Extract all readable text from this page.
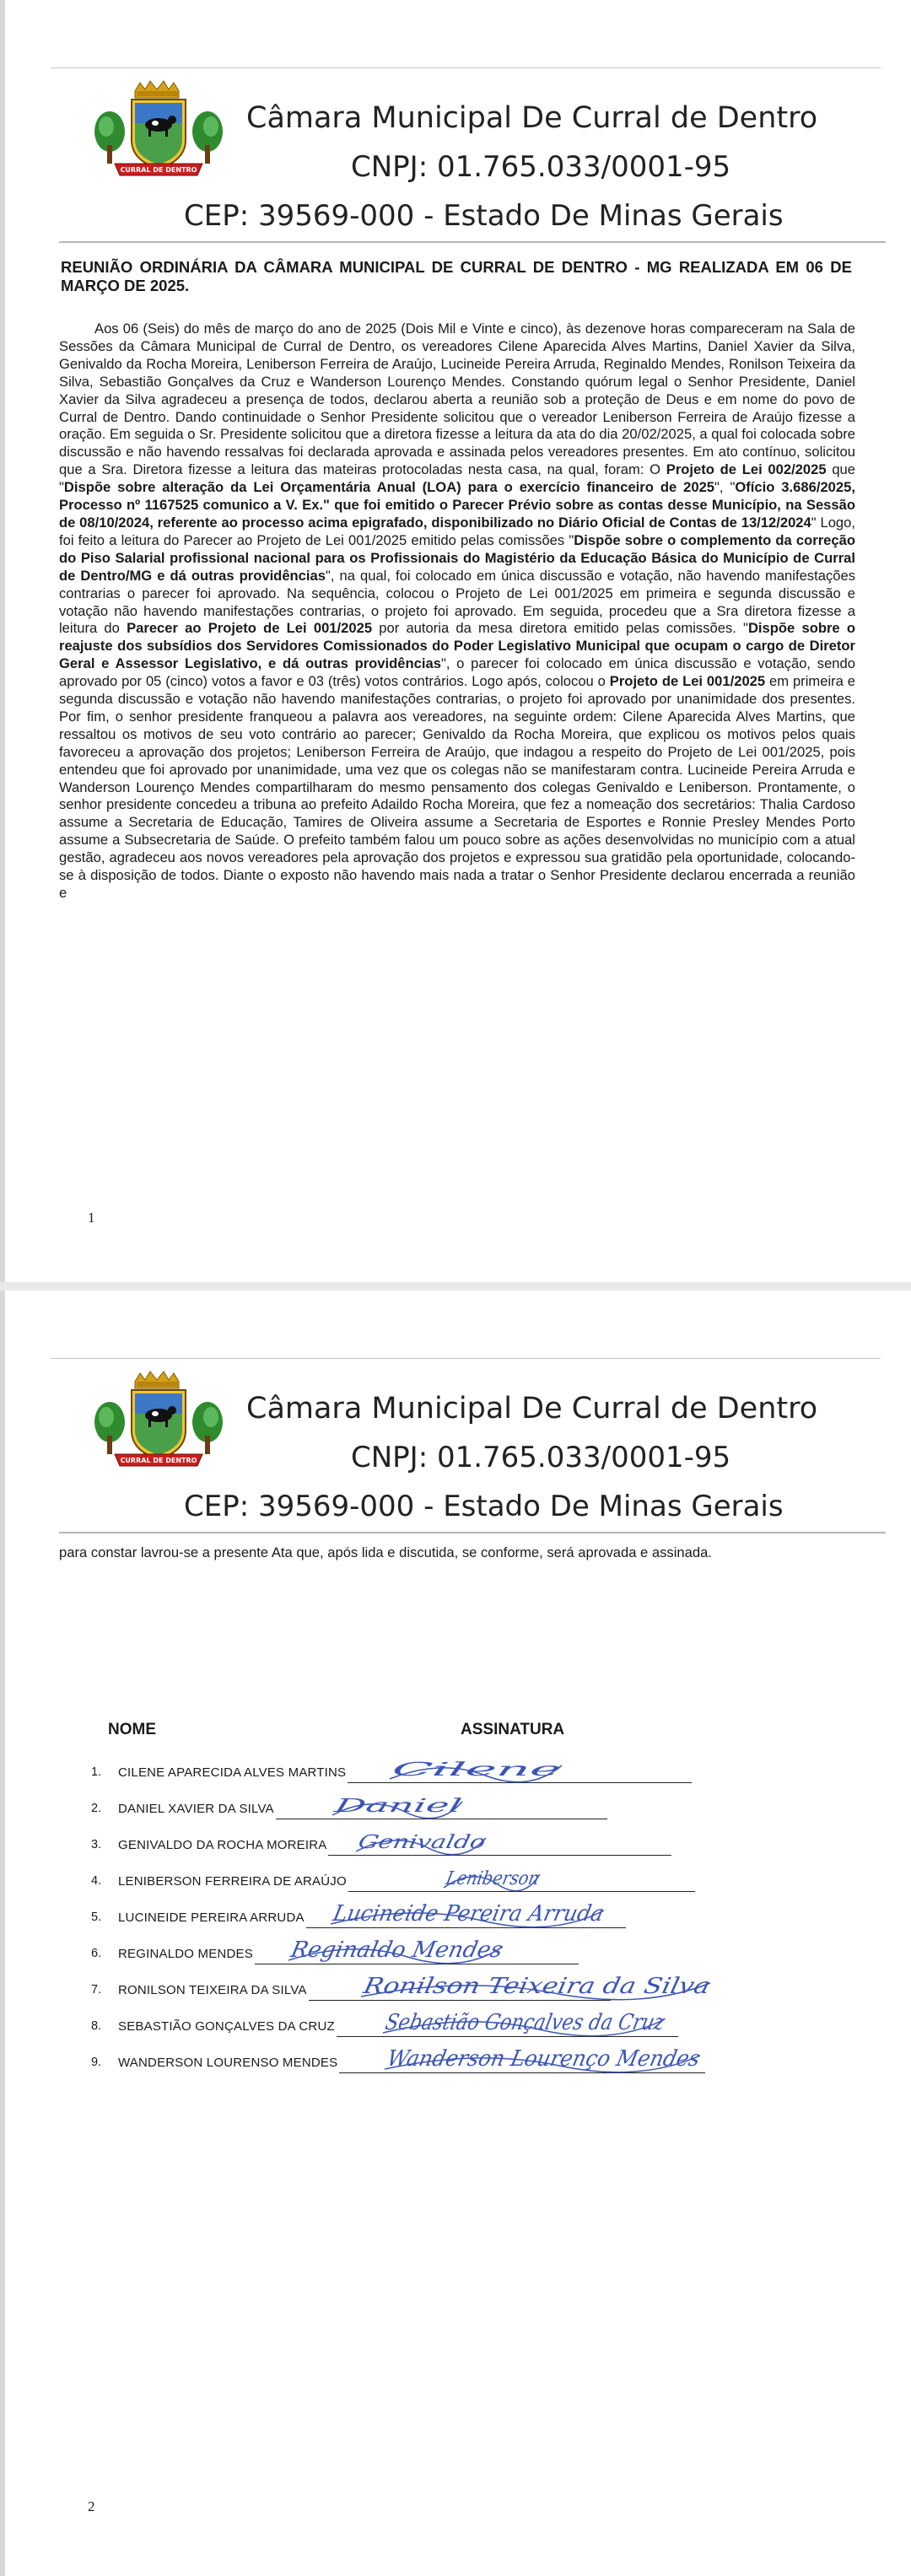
CURRAL DE DENTRO
Câmara Municipal De Curral de Dentro
CNPJ: 01.765.033/0001-95
CEP: 39569-000 - Estado De Minas Gerais
REUNIÃO ORDINÁRIA DA CÂMARA MUNICIPAL DE CURRAL DE DENTRO - MG REALIZADA EM 06 DE MARÇO DE 2025.

Aos 06 (Seis) do mês de março do ano de 2025 (Dois Mil e Vinte e cinco), às dezenove horas compareceram na Sala de Sessões da Câmara Municipal de Curral de Dentro, os vereadores Cilene Aparecida Alves Martins, Daniel Xavier da Silva, Genivaldo da Rocha Moreira, Leniberson Ferreira de Araújo, Lucineide Pereira Arruda, Reginaldo Mendes, Ronilson Teixeira da Silva, Sebastião Gonçalves da Cruz e Wanderson Lourenço Mendes. Constando quórum legal o Senhor Presidente, Daniel Xavier da Silva agradeceu a presença de todos, declarou aberta a reunião sob a proteção de Deus e em nome do povo de Curral de Dentro. Dando continuidade o Senhor Presidente solicitou que o vereador Leniberson Ferreira de Araújo fizesse a oração. Em seguida o Sr. Presidente solicitou que a diretora fizesse a leitura da ata do dia 20/02/2025, a qual foi colocada sobre discussão e não havendo ressalvas foi declarada aprovada e assinada pelos vereadores presentes. Em ato contínuo, solicitou que a Sra. Diretora fizesse a leitura das mateiras protocoladas nesta casa, na qual, foram: O Projeto de Lei 002/2025 que "Dispõe sobre alteração da Lei Orçamentária Anual (LOA) para o exercício financeiro de 2025", "Ofício 3.686/2025, Processo nº 1167525 comunico a V. Ex." que foi emitido o Parecer Prévio sobre as contas desse Município, na Sessão de 08/10/2024, referente ao processo acima epigrafado, disponibilizado no Diário Oficial de Contas de 13/12/2024" Logo, foi feito a leitura do Parecer ao Projeto de Lei 001/2025 emitido pelas comissões "Dispõe sobre o complemento da correção do Piso Salarial profissional nacional para os Profissionais do Magistério da Educação Básica do Município de Curral de Dentro/MG e dá outras providências", na qual, foi colocado em única discussão e votação, não havendo manifestações contrarias o parecer foi aprovado. Na sequência, colocou o Projeto de Lei 001/2025 em primeira e segunda discussão e votação não havendo manifestações contrarias, o projeto foi aprovado. Em seguida, procedeu que a Sra diretora fizesse a leitura do Parecer ao Projeto de Lei 001/2025 por autoria da mesa diretora emitido pelas comissões. "Dispõe sobre o reajuste dos subsídios dos Servidores Comissionados do Poder Legislativo Municipal que ocupam o cargo de Diretor Geral e Assessor Legislativo, e dá outras providências", o parecer foi colocado em única discussão e votação, sendo aprovado por 05 (cinco) votos a favor e 03 (três) votos contrários. Logo após, colocou o Projeto de Lei 001/2025 em primeira e segunda discussão e votação não havendo manifestações contrarias, o projeto foi aprovado por unanimidade dos presentes. Por fim, o senhor presidente franqueou a palavra aos vereadores, na seguinte ordem: Cilene Aparecida Alves Martins, que ressaltou os motivos de seu voto contrário ao parecer; Genivaldo da Rocha Moreira, que explicou os motivos pelos quais favoreceu a aprovação dos projetos; Leniberson Ferreira de Araújo, que indagou a respeito do Projeto de Lei 001/2025, pois entendeu que foi aprovado por unanimidade, uma vez que os colegas não se manifestaram contra. Lucineide Pereira Arruda e Wanderson Lourenço Mendes compartilharam do mesmo pensamento dos colegas Genivaldo e Leniberson. Prontamente, o senhor presidente concedeu a tribuna ao prefeito Adaildo Rocha Moreira, que fez a nomeação dos secretários: Thalia Cardoso assume a Secretaria de Educação, Tamires de Oliveira assume a Secretaria de Esportes e Ronnie Presley Mendes Porto assume a Subsecretaria de Saúde. O prefeito também falou um pouco sobre as ações desenvolvidas no município com a atual gestão, agradeceu aos novos vereadores pela aprovação dos projetos e expressou sua gratidão pela oportunidade, colocando-se à disposição de todos. Diante o exposto não havendo mais nada a tratar o Senhor Presidente declarou encerrada a reunião e

1
CURRAL DE DENTRO
Câmara Municipal De Curral de Dentro
CNPJ: 01.765.033/0001-95
CEP: 39569-000 - Estado De Minas Gerais
para constar lavrou-se a presente Ata que, após lida e discutida, se conforme, será aprovada e assinada.
NOME	ASSINATURA
1. CILENE APARECIDA ALVES MARTINS Cilene
2. DANIEL XAVIER DA SILVA	Daniel
3. GENIVALDO DA ROCHA MOREIRA Genivaldo
4. LENIBERSON FERREIRA DE ARAÚJO	Leniberson
5. LUCINEIDE PEREIRA ARRUDA Lucineide Pereira Arruda
6. REGINALDO MENDES Reginaldo Mendes
7. RONILSON TEIXEIRA DA SILVA Ronilson Teixeira da Silva
8. SEBASTIÃO GONÇALVES DA CRUZ Sebastião Gonçalves da Cruz
9. WANDERSON LOURENSO MENDES Wanderson Lourenço Mendes
2
